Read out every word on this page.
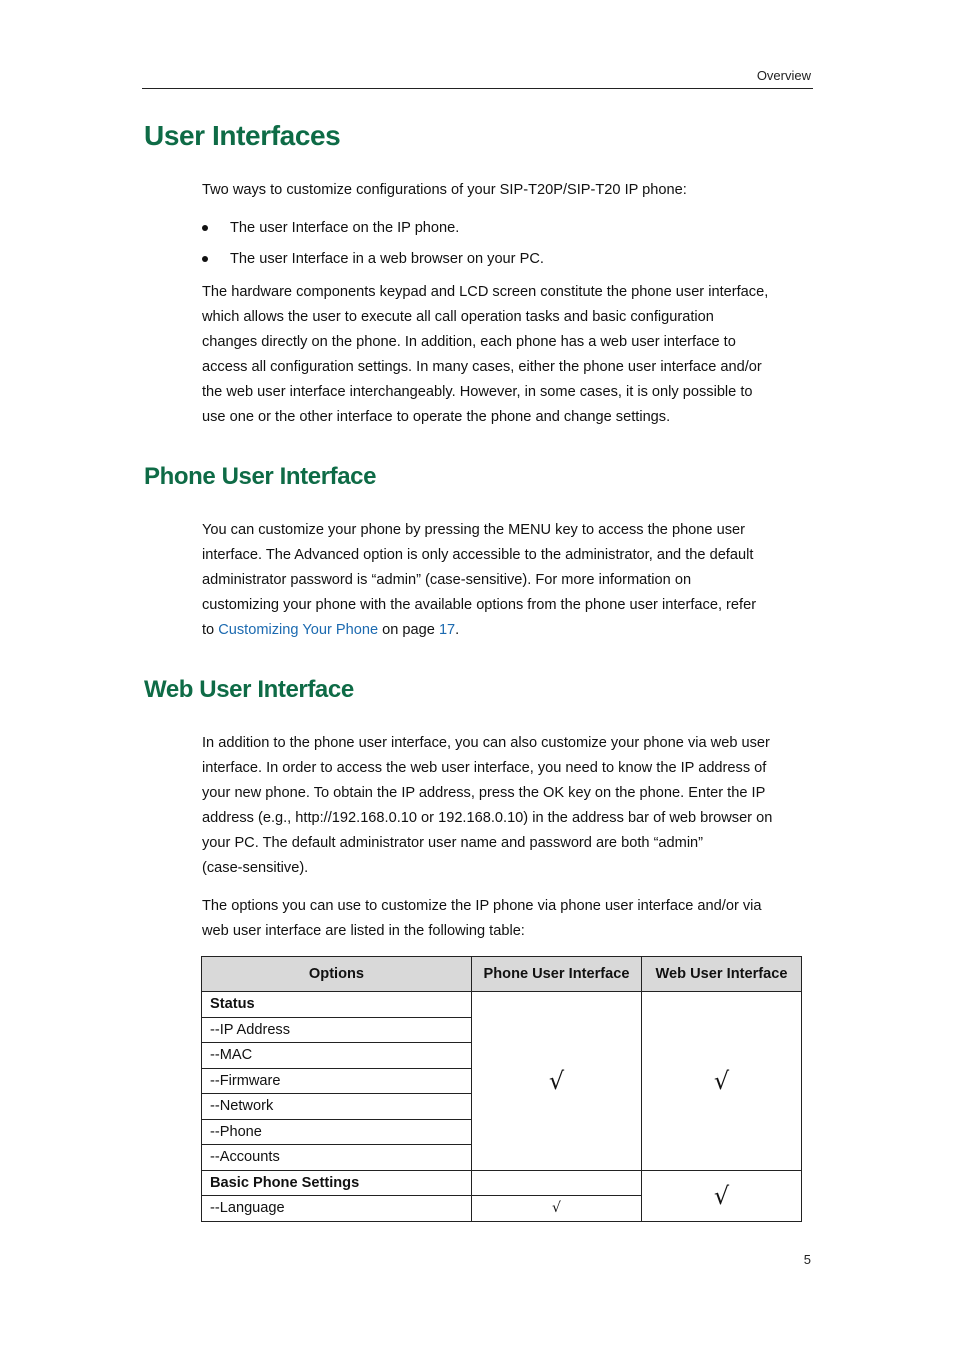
Overview
User Interfaces

Two ways to customize configurations of your SIP-T20P/SIP-T20 IP phone:

The user Interface on the IP phone.
The user Interface in a web browser on your PC.
The hardware components keypad and LCD screen constitute the phone user interface,
which allows the user to execute all call operation tasks and basic configuration
changes directly on the phone. In addition, each phone has a web user interface to
access all configuration settings. In many cases, either the phone user interface and/or
the web user interface interchangeably. However, in some cases, it is only possible to
use one or the other interface to operate the phone and change settings.
Phone User Interface
You can customize your phone by pressing the MENU key to access the phone user
interface. The Advanced option is only accessible to the administrator, and the default
administrator password is “admin” (case-sensitive). For more information on
customizing your phone with the available options from the phone user interface, refer
to Customizing Your Phone on page 17.
Web User Interface
In addition to the phone user interface, you can also customize your phone via web user
interface. In order to access the web user interface, you need to know the IP address of
your new phone. To obtain the IP address, press the OK key on the phone. Enter the IP
address (e.g., http://192.168.0.10 or 192.168.0.10) in the address bar of web browser on
your PC. The default administrator user name and password are both “admin”
(case-sensitive).
The options you can use to customize the IP phone via phone user interface and/or via
web user interface are listed in the following table:
Options	Phone User Interface	Web User Interface
Status	√	√
--IP Address		
--MAC		
--Firmware		
--Network		
--Phone		
--Accounts		
Basic Phone Settings		√
--Language	√	
5
